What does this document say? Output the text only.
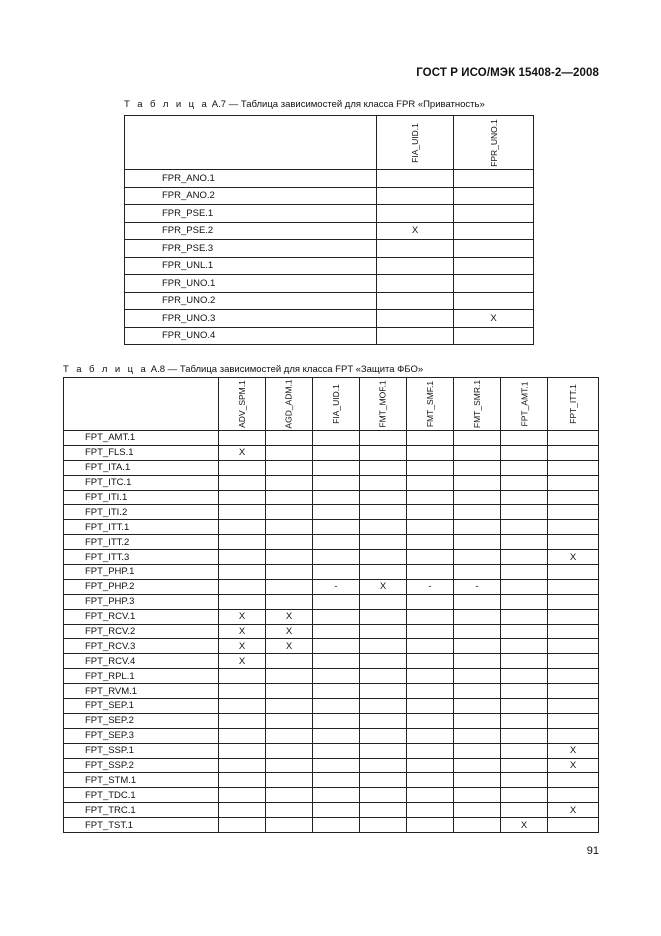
ГОСТ Р ИСО/МЭК 15408-2—2008
Т а б л и ц а А.7 — Таблица зависимостей для класса FPR «Приватность»

	FIA_UID.1	FPR_UNO.1

FPR_ANO.1		
FPR_ANO.2		
FPR_PSE.1		
FPR_PSE.2	X	
FPR_PSE.3		
FPR_UNL.1		
FPR_UNO.1		
FPR_UNO.2		
FPR_UNO.3		X
FPR_UNO.4		
Т а б л и ц а А.8 — Таблица зависимостей для класса FPT «Защита ФБО»

	ADV_SPM.1	AGD_ADM.1	FIA_UID.1	FMT_MOF.1	FMT_SMF.1	FMT_SMR.1	FPT_AMT.1	FPT_ITT.1

FPT_AMT.1								
FPT_FLS.1	X							
FPT_ITA.1								
FPT_ITC.1								
FPT_ITI.1								
FPT_ITI.2								
FPT_ITT.1								
FPT_ITT.2								
FPT_ITT.3								X
FPT_PHP.1								
FPT_PHP.2			-	X	-	-		
FPT_PHP.3								
FPT_RCV.1	X	X						
FPT_RCV.2	X	X						
FPT_RCV.3	X	X						
FPT_RCV.4	X							
FPT_RPL.1								
FPT_RVM.1								
FPT_SEP.1								
FPT_SEP.2								
FPT_SEP.3								
FPT_SSP.1								X
FPT_SSP.2								X
FPT_STM.1								
FPT_TDC.1								
FPT_TRC.1								X
FPT_TST.1							X	
91
